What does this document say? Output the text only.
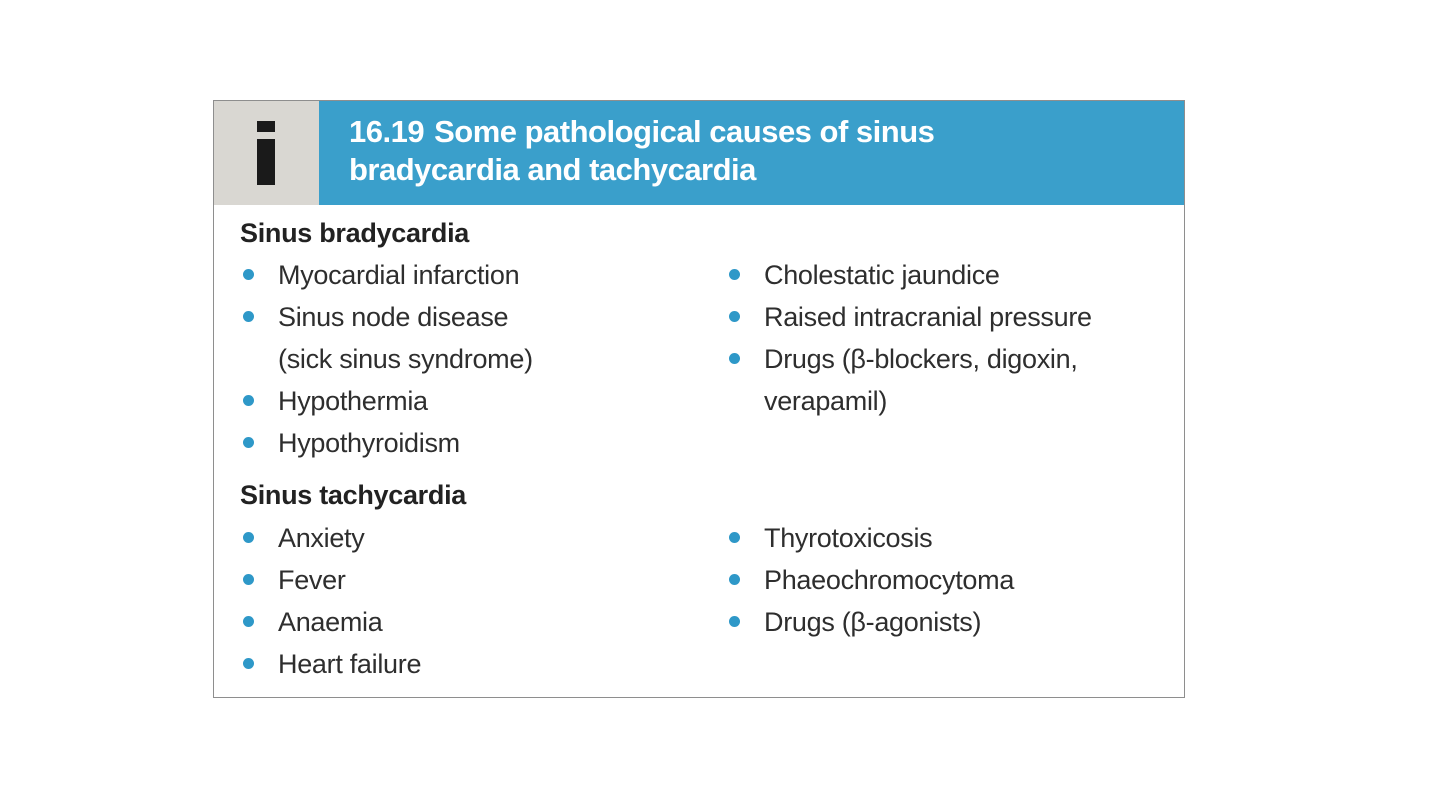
16.19 Some pathological causes of sinus
bradycardia and tachycardia
Sinus bradycardia
Myocardial infarction
Sinus node disease
(sick sinus syndrome)
Hypothermia
Hypothyroidism
Cholestatic jaundice
Raised intracranial pressure
Drugs (β-blockers, digoxin,
verapamil)
Sinus tachycardia
Anxiety
Fever
Anaemia
Heart failure
Thyrotoxicosis
Phaeochromocytoma
Drugs (β-agonists)
